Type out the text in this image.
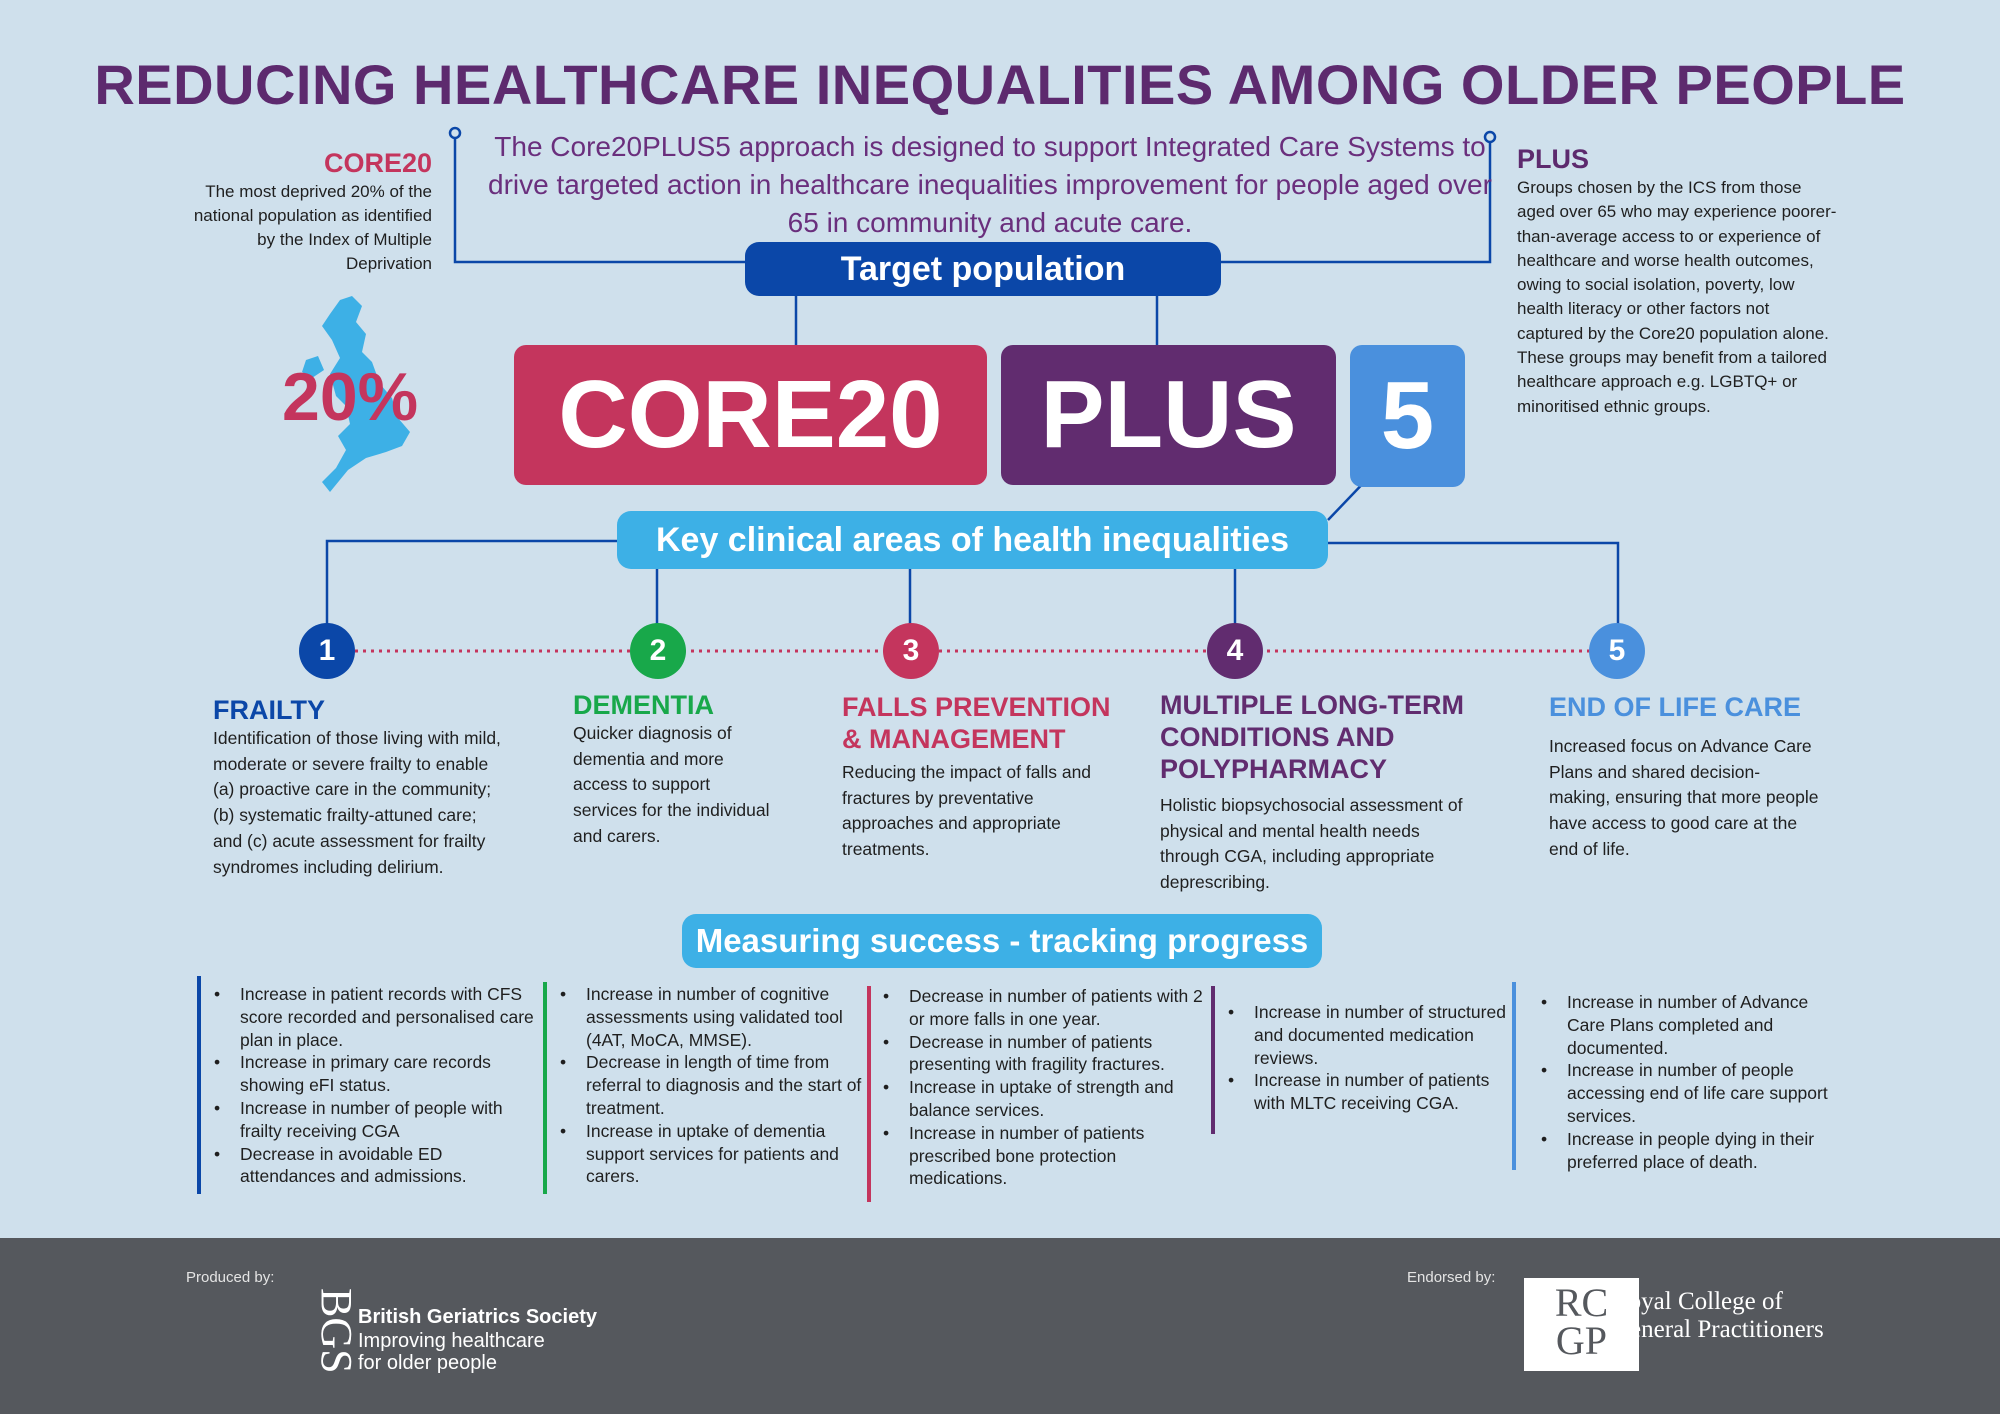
REDUCING HEALTHCARE INEQUALITIES AMONG OLDER PEOPLE
The Core20PLUS5 approach is designed to support Integrated Care Systems to drive targeted action in healthcare inequalities improvement for people aged over 65 in community and acute care.
CORE20
The most deprived 20% of the national population as identified by the Index of Multiple Deprivation
20%
PLUS
Groups chosen by the ICS from those aged over 65 who may experience poorer-than-average access to or experience of healthcare and worse health outcomes, owing to social isolation, poverty, low health literacy or other factors not captured by the Core20 population alone. These groups may benefit from a tailored healthcare approach e.g. LGBTQ+ or minoritised ethnic groups.
Target population
CORE20	PLUS 5
Key clinical areas of health inequalities
1	2	3	4	5
FRAILTY	DEMENTIA	FALLS PREVENTION & MANAGEMENT
MULTIPLE LONG-TERM CONDITIONS AND POLYPHARMACY
END OF LIFE CARE
Identification of those living with mild, moderate or severe frailty to enable (a) proactive care in the community; (b) systematic frailty-attuned care; and (c) acute assessment for frailty syndromes including delirium.
Quicker diagnosis of dementia and more access to support services for the individual and carers.
Reducing the impact of falls and fractures by preventative approaches and appropriate treatments.
Holistic biopsychosocial assessment of physical and mental health needs through CGA, including appropriate deprescribing.
Increased focus on Advance Care Plans and shared decision-making, ensuring that more people have access to good care at the end of life.
Measuring success - tracking progress
• Increase in patient records with CFS score recorded and personalised care plan in place.
• Increase in primary care records showing eFI status.
• Increase in number of people with frailty receiving CGA
• Decrease in avoidable ED attendances and admissions.
• Increase in number of cognitive assessments using validated tool (4AT, MoCA, MMSE).
• Decrease in length of time from referral to diagnosis and the start of treatment.
• Increase in uptake of dementia support services for patients and carers.
• Decrease in number of patients with 2 or more falls in one year.
• Decrease in number of patients presenting with fragility fractures.
• Increase in uptake of strength and balance services.
• Increase in number of patients prescribed bone protection medications.
• Increase in number of structured and documented medication reviews.
• Increase in number of patients with MLTC receiving CGA.
• Increase in number of Advance Care Plans completed and documented.
• Increase in number of people accessing end of life care support services.
• Increase in people dying in their preferred place of death.
Produced by:
BGS
British Geriatrics Society
Improving healthcare
for older people
Endorsed by:
RC
GP
Royal College of
General Practitioners
